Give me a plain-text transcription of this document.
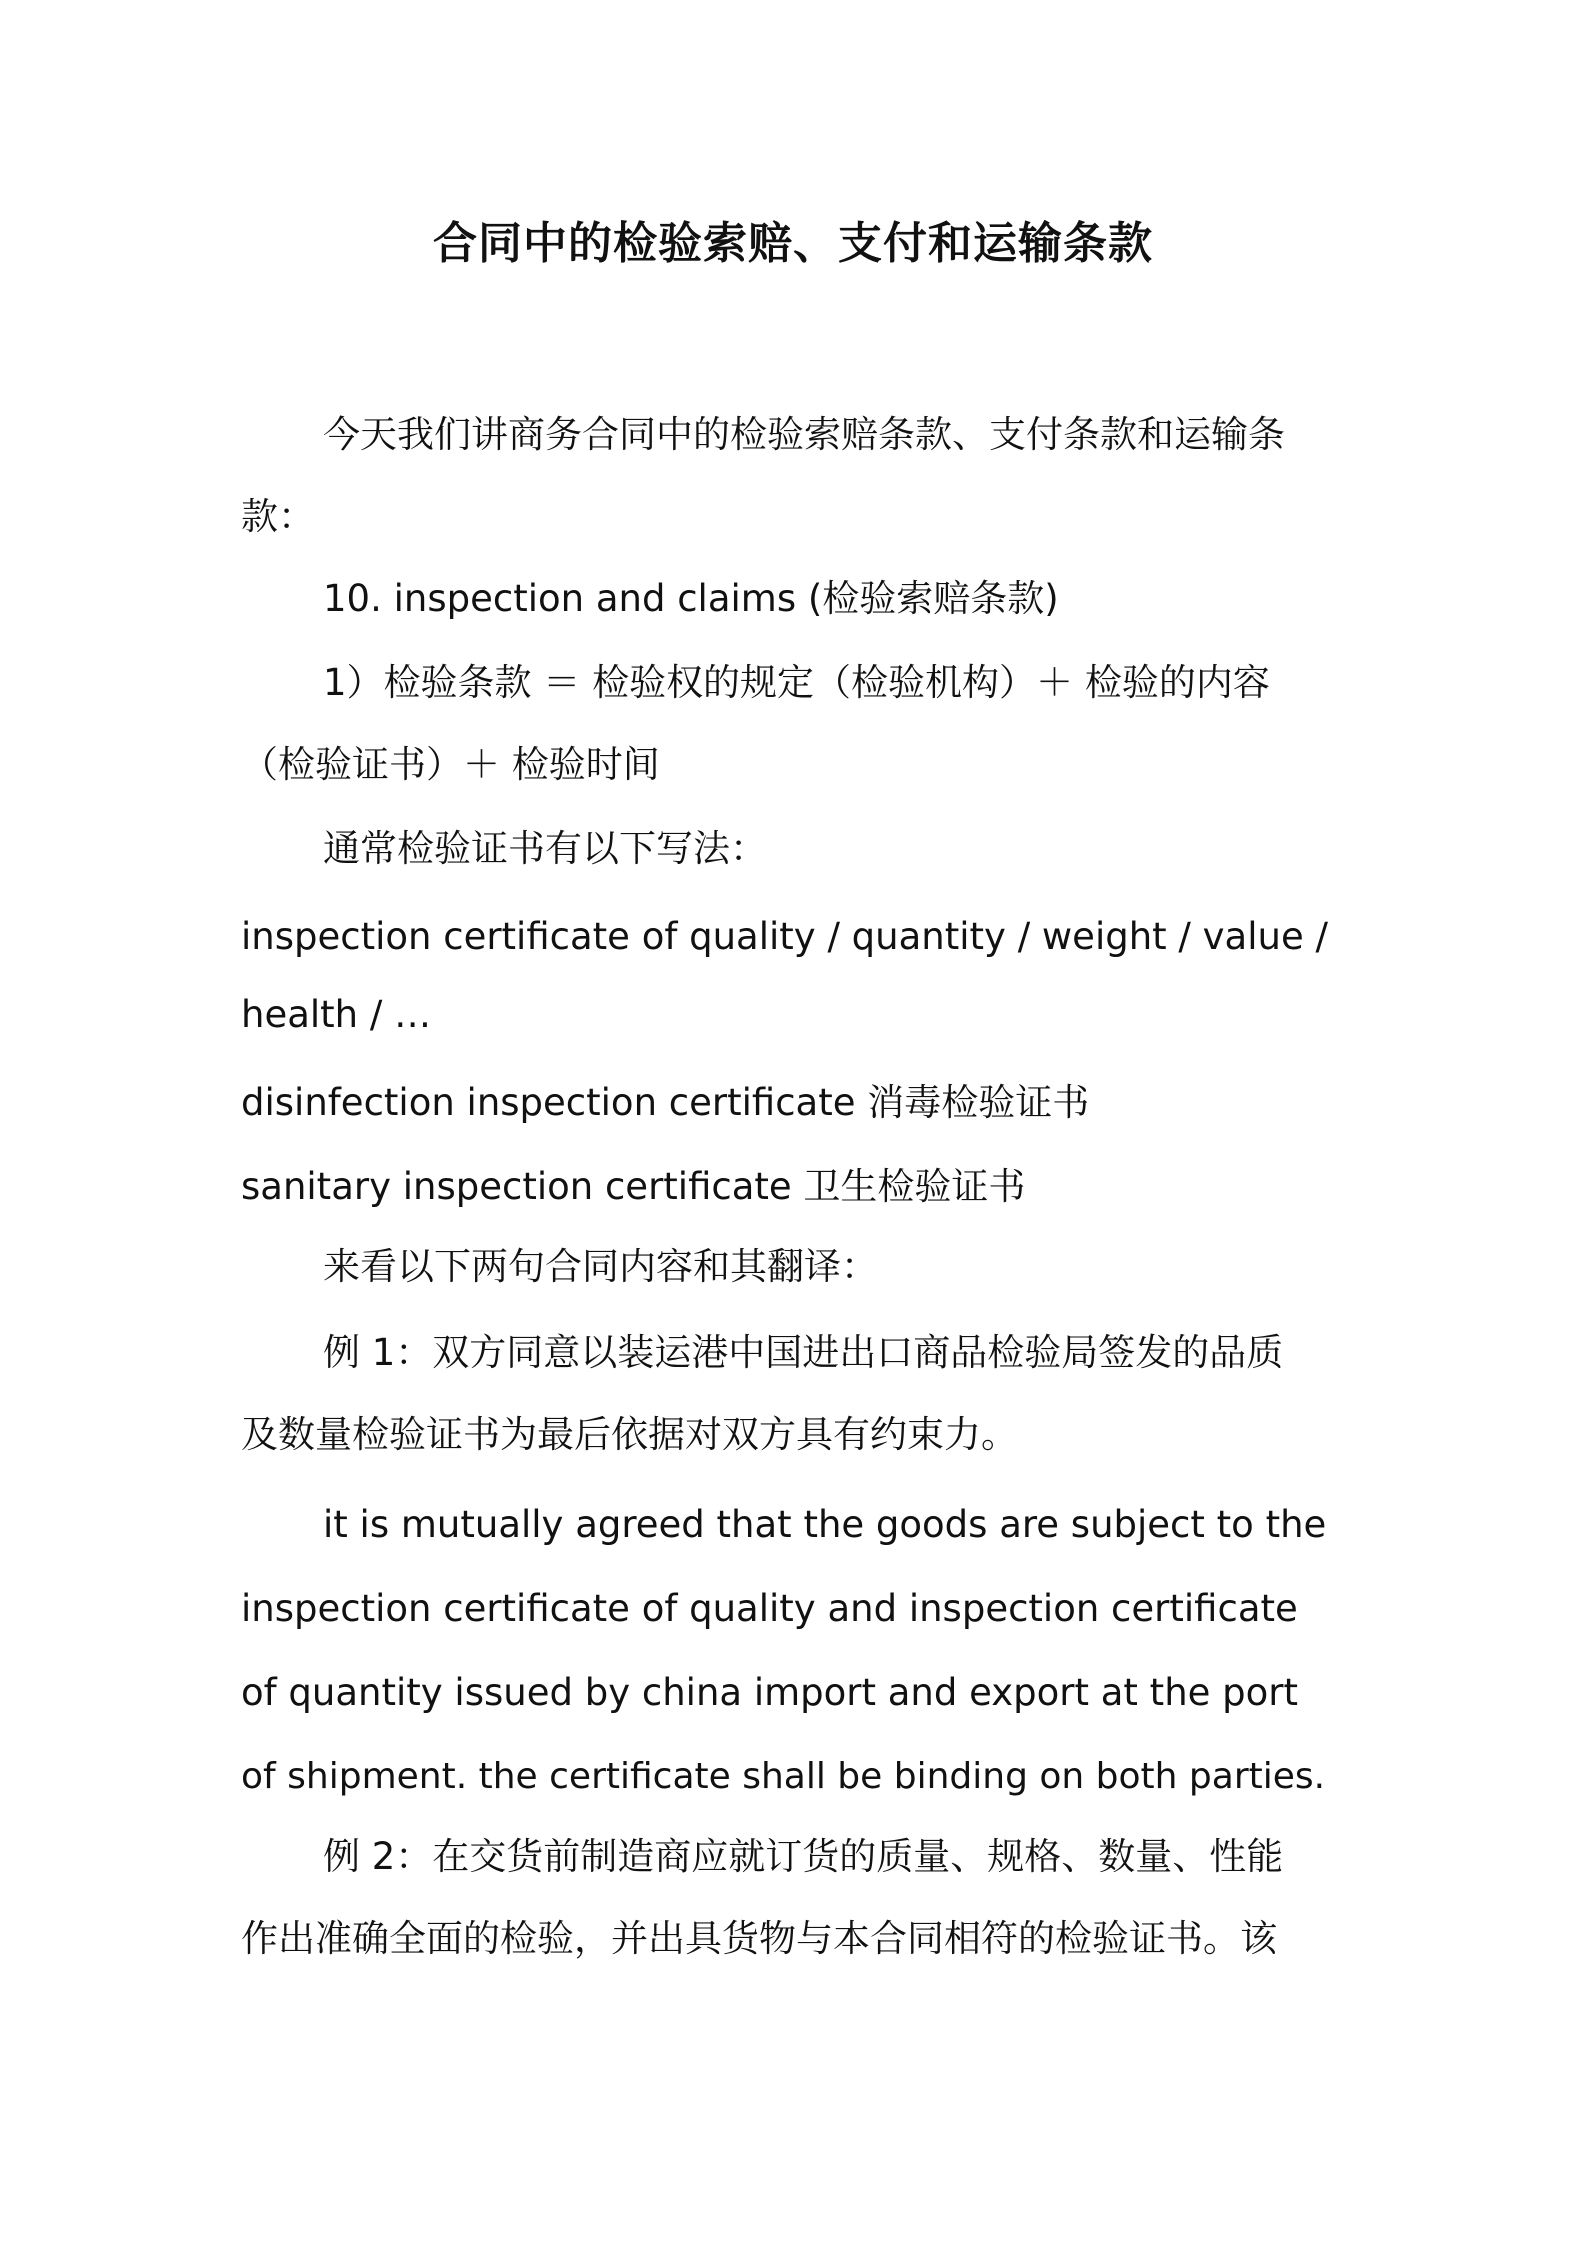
合同中的检验索赔、支付和运输条款
今天我们讲商务合同中的检验索赔条款、支付条款和运输条
款：
10. inspection and claims (检验索赔条款)
1）检验条款 ＝ 检验权的规定（检验机构）＋ 检验的内容
（检验证书）＋ 检验时间
通常检验证书有以下写法：
inspection certificate of quality / quantity / weight / value /
health / …
disinfection inspection certificate 消毒检验证书
sanitary inspection certificate 卫生检验证书
来看以下两句合同内容和其翻译：
例 1：双方同意以装运港中国进出口商品检验局签发的品质
及数量检验证书为最后依据对双方具有约束力。
it is mutually agreed that the goods are subject to the
inspection certificate of quality and inspection certificate
of quantity issued by china import and export at the port
of shipment. the certificate shall be binding on both parties.
例 2：在交货前制造商应就订货的质量、规格、数量、性能
作出准确全面的检验，并出具货物与本合同相符的检验证书。该
